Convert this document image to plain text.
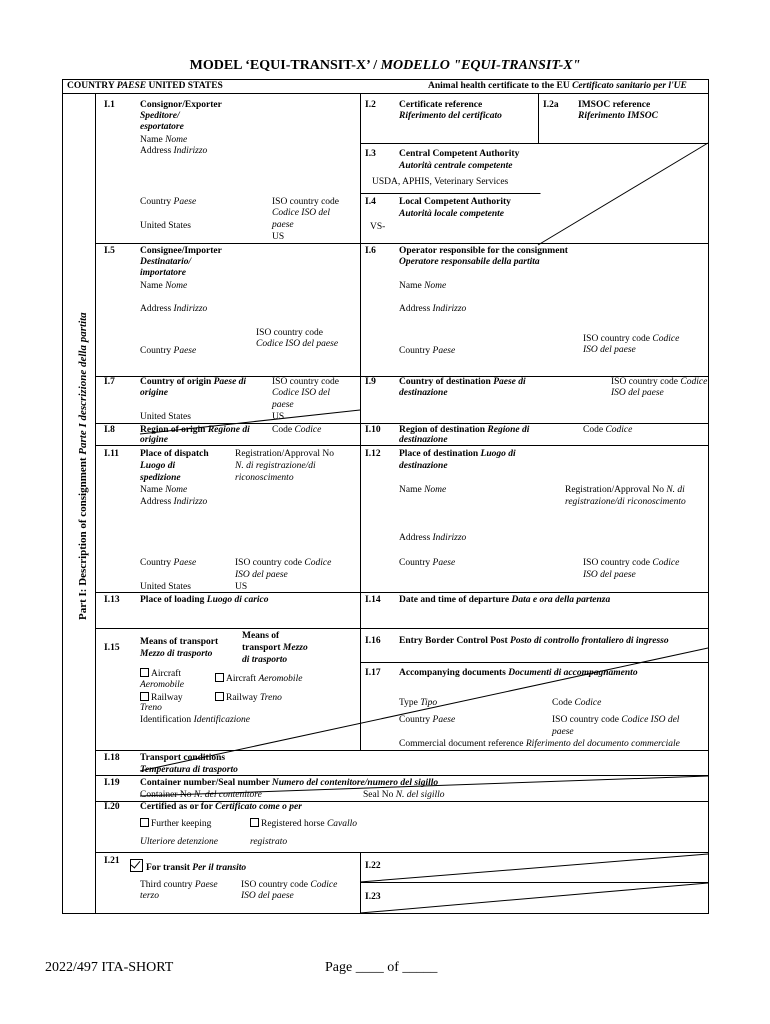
MODEL ‘EQUI-TRANSIT-X’ / MODELLO "EQUI-TRANSIT-X"
COUNTRY PAESE UNITED STATES	Animal health certificate to the EU Certificato sanitario per l'UE
Part I: Description of consignment Parte I descrizione della partita
I.1	Consignor/Exporter
Speditore/
esportatore
Name Nome
Address Indirizzo
Country Paese
United States
ISO country code
Codice ISO del
paese
US
I.2 Certificate reference
Riferimento del certificato
I.2a IMSOC reference
Riferimento IMSOC
I.3 Central Competent Authority
Autorità centrale competente
USDA, APHIS, Veterinary Services
I.4 Local Competent Authority
Autorità locale competente
VS-
I.5	Consignee/Importer
Destinatario/
importatore
Name Nome
Address Indirizzo
ISO country code
Codice ISO del paese
Country Paese
I.6 Operator responsible for the consignment
Operatore responsabile della partita
Name Nome
Address Indirizzo
ISO country code Codice
ISO del paese
Country Paese
I.7	Country of origin Paese di
origine
ISO country code
Codice ISO del
paese
United States	US
I.8	Region of origin Regione di
origine
Code Codice
I.9 Country of destination Paese di
destinazione
ISO country code Codice
ISO del paese
I.10 Region of destination Regione di
destinazione
Code Codice
I.11 Place of dispatch
Luogo di
spedizione
Registration/Approval No
N. di registrazione/di
riconoscimento
Name Nome
Address Indirizzo
Country Paese	ISO country code Codice
ISO del paese
United States	US
I.12 Place of destination Luogo di
destinazione
Name Nome	Registration/Approval No N. di
registrazione/di riconoscimento
Address Indirizzo
Country Paese	ISO country code Codice
ISO del paese
I.13 Place of loading Luogo di carico	I.14 Date and time of departure Data e ora della partenza
I.15
Means of transport
Mezzo di trasporto
Means of
transport Mezzo
di trasporto
Aircraft
Aeromobile
Aircraft Aeromobile
Railway
Treno
Railway Treno
Identification Identificazione
I.16 Entry Border Control Post Posto di controllo frontaliero di ingresso
I.17 Accompanying documents Documenti di accompagnamento
Type Tipo	Code Codice
Country Paese	ISO country code Codice ISO del
paese
Commercial document reference Riferimento del documento commerciale
I.18 Transport conditions
Temperatura di trasporto
I.19 Container number/Seal number Numero del contenitore/numero del sigillo
Container No N. del contenitore	Seal No N. del sigillo
I.20 Certified as or for Certificato come o per
Further keeping
Ulteriore detenzione
Registered horse Cavallo
registrato
I.21
For transit Per il transito
Third country Paese
terzo
ISO country code Codice
ISO del paese
I.22
I.23
2022/497 ITA-SHORT	Page ____ of _____
